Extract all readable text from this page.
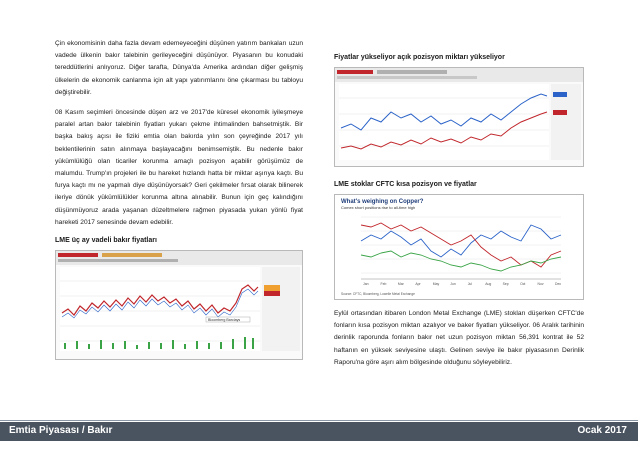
Çin ekonomisinin daha fazla devam edemeyeceğini düşünen yatırım bankaları uzun vadede ülkenin bakır talebinin gerileyeceğini düşünüyor. Piyasanın bu konudaki tereddütlerini anlıyoruz. Diğer tarafta, Dünya'da Amerika ardından diğer gelişmiş ülkelerin de ekonomik canlanma için alt yapı yatırımlarını öne çıkarması bu tabloyu değiştirebilir.

08 Kasım seçimleri öncesinde düşen arz ve 2017'de küresel ekonomik iyileşmeye paralel artan bakır talebinin fiyatları yukarı çekme ihtimalinden bahsetmiştik. Bir başka bakış açısı ile fiziki emtia olan bakırda yılın son çeyreğinde 2017 yılı beklentilerinin satın alınmaya başlayacağını benimsemiştik. Bu nedenle bakır yükümlülüğü olan ticariler korunma amaçlı pozisyon açabilir görüşümüz de malumdu. Trump'ın projeleri ile bu hareket hızlandı hatta bir miktar aşırıya kaçtı. Bu furya kaçtı mı ne yapmalı diye düşünüyorsak? Geri çekilmeler fırsat olarak bilinerek ileriye dönük yükümlülükler korunma altına alınabilir. Bunun için geç kalındığını düşünmüyoruz arada yaşanan düzeltmelere rağmen piyasada yukarı yönlü fiyat hareketi 2017 senesinde devam edebilir.

LME üç ay vadeli bakır fiyatları
Bloomberg Barclays
Fiyatlar yükseliyor açık pozisyon miktarı yükseliyor
LME stoklar CFTC kısa pozisyon ve fiyatlar
What's weighing on Copper?
Comex short positions rise to all-time high
Jan	Feb	Mar	Apr	May	Jun	Jul	Aug	Sep	Oct	Nov	Dec
Source: CFTC, Bloomberg, Lowelle Metal Exchange

Eylül ortasından itibaren London Metal Exchange (LME) stokları düşerken CFTC'de fonların kısa pozisyon miktarı azalıyor ve baker fiyatları yükseliyor. 06 Aralık tarihinin derinlik raporunda fonların bakır net uzun pozisyon miktarı 56,391 kontrat ile 52 haftanın en yüksek seviyesine ulaştı. Gelinen seviye ile bakır piyasasının Derinlik Raporu'na göre aşırı alım bölgesinde olduğunu söyleyebiliriz.

Emtia Piyasası / Bakır	Ocak 2017
